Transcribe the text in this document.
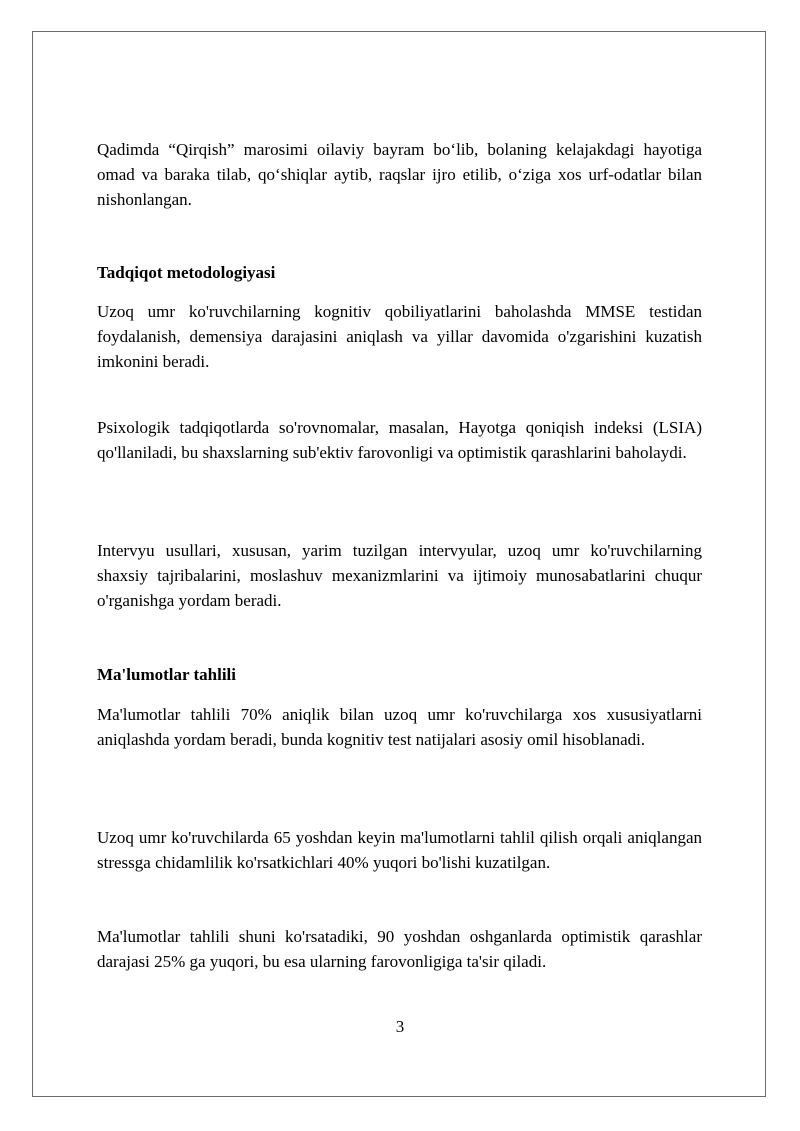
Qadimda “Qirqish” marosimi oilaviy bayram bo‘lib, bolaning kelajakdagi hayotiga omad va baraka tilab, qo‘shiqlar aytib, raqslar ijro etilib, o‘ziga xos urf-odatlar bilan nishonlangan.

Tadqiqot metodologiyasi

Uzoq umr ko'ruvchilarning kognitiv qobiliyatlarini baholashda MMSE testidan foydalanish, demensiya darajasini aniqlash va yillar davomida o'zgarishini kuzatish imkonini beradi.

Psixologik tadqiqotlarda so'rovnomalar, masalan, Hayotga qoniqish indeksi (LSIA) qo'llaniladi, bu shaxslarning sub'ektiv farovonligi va optimistik qarashlarini baholaydi.

Intervyu usullari, xususan, yarim tuzilgan intervyular, uzoq umr ko'ruvchilarning shaxsiy tajribalarini, moslashuv mexanizmlarini va ijtimoiy munosabatlarini chuqur o'rganishga yordam beradi.

Ma'lumotlar tahlili

Ma'lumotlar tahlili 70% aniqlik bilan uzoq umr ko'ruvchilarga xos xususiyatlarni aniqlashda yordam beradi, bunda kognitiv test natijalari asosiy omil hisoblanadi.

Uzoq umr ko'ruvchilarda 65 yoshdan keyin ma'lumotlarni tahlil qilish orqali aniqlangan stressga chidamlilik ko'rsatkichlari 40% yuqori bo'lishi kuzatilgan.

Ma'lumotlar tahlili shuni ko'rsatadiki, 90 yoshdan oshganlarda optimistik qarashlar darajasi 25% ga yuqori, bu esa ularning farovonligiga ta'sir qiladi.

3
